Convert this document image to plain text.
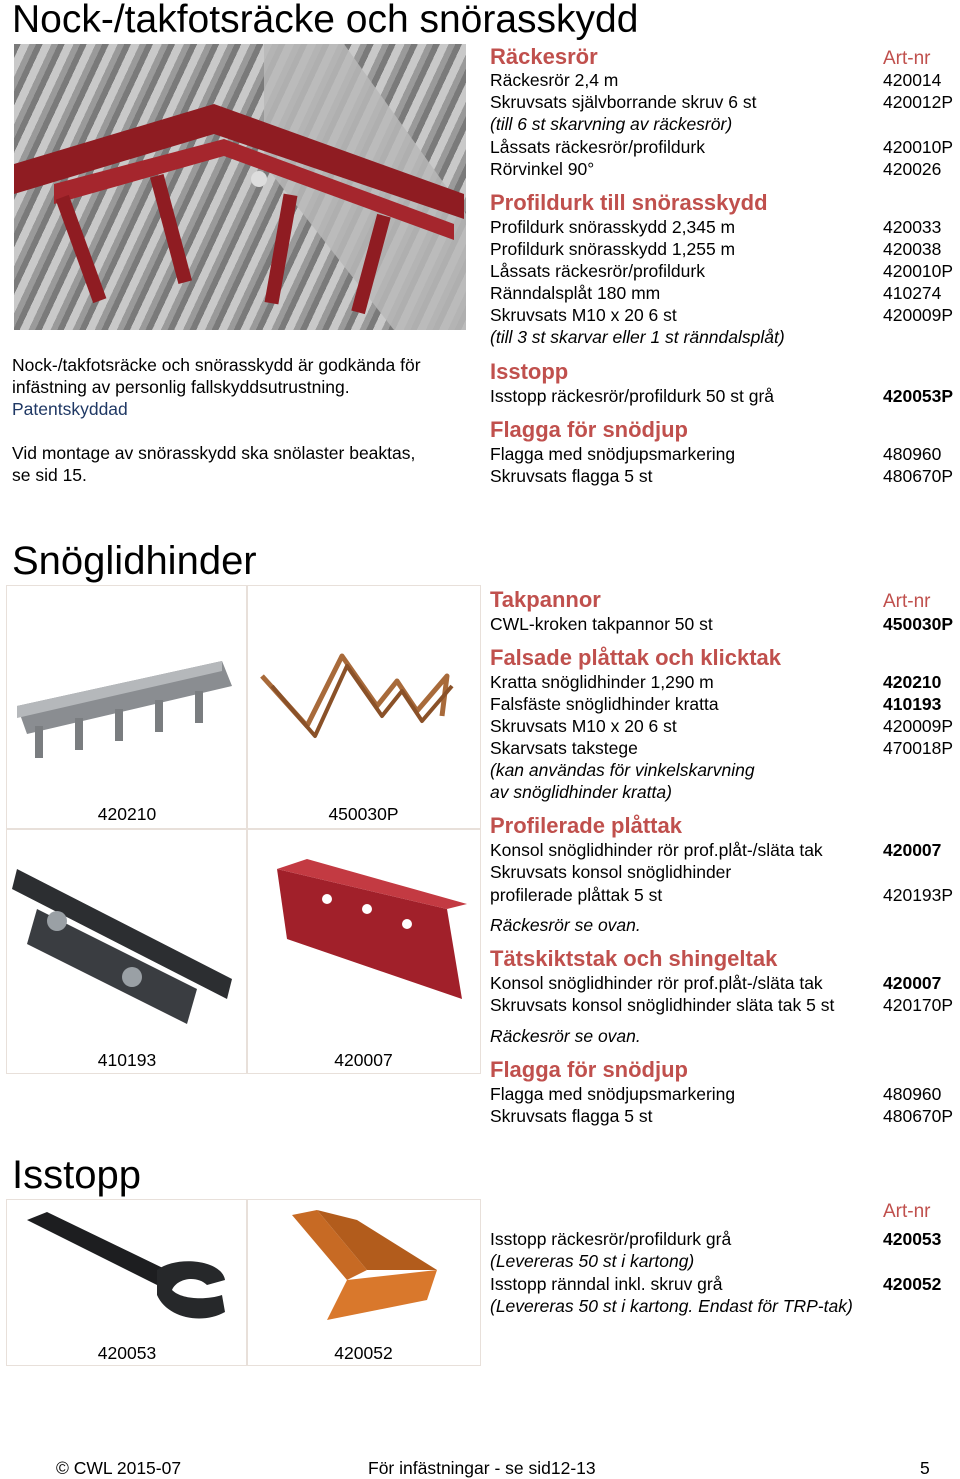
Nock-/takfotsräcke och snörasskydd
Nock-/takfotsräcke och snörasskydd är godkända för
infästning av personlig fallskyddsutrustning.
Patentskyddad
Vid montage av snörasskydd ska snölaster beaktas,
se sid 15.
Art-nr
Räckesrör
Räckesrör 2,4 m	420014
Skruvsats självborrande skruv 6 st	420012P
(till 6 st skarvning av räckesrör)
Låssats räckesrör/profildurk	420010P
Rörvinkel 90°	420026
Profildurk till snörasskydd
Profildurk snörasskydd 2,345 m	420033
Profildurk snörasskydd 1,255 m	420038
Låssats räckesrör/profildurk	420010P
Ränndalsplåt 180 mm	410274
Skruvsats M10 x 20 6 st	420009P
(till 3 st skarvar eller 1 st ränndalsplåt)
Isstopp
Isstopp räckesrör/profildurk 50 st grå	420053P
Flagga för snödjup
Flagga med snödjupsmarkering	480960
Skruvsats flagga 5 st	480670P
Snöglidhinder
420210	450030P
410193	420007
Takpannor	Art-nr
CWL-kroken takpannor 50 st	450030P
Falsade plåttak och klicktak
Kratta snöglidhinder 1,290 m	420210
Falsfäste snöglidhinder kratta	410193
Skruvsats M10 x 20 6 st	420009P
Skarvsats takstege	470018P
(kan användas för vinkelskarvning
av snöglidhinder kratta)
Profilerade plåttak
Konsol snöglidhinder rör prof.plåt-/släta tak	420007
Skruvsats konsol snöglidhinder
profilerade plåttak 5 st	420193P
Räckesrör se ovan.
Tätskiktstak och shingeltak
Konsol snöglidhinder rör prof.plåt-/släta tak	420007
Skruvsats konsol snöglidhinder släta tak 5 st	420170P
Räckesrör se ovan.
Flagga för snödjup
Flagga med snödjupsmarkering	480960
Skruvsats flagga 5 st	480670P
Isstopp
420053	420052
Art-nr
Isstopp räckesrör/profildurk grå	420053
(Levereras 50 st i kartong)
Isstopp ränndal inkl. skruv grå	420052
(Levereras 50 st i kartong. Endast för TRP-tak)
© CWL 2015-07	För infästningar - se sid12-13	5
